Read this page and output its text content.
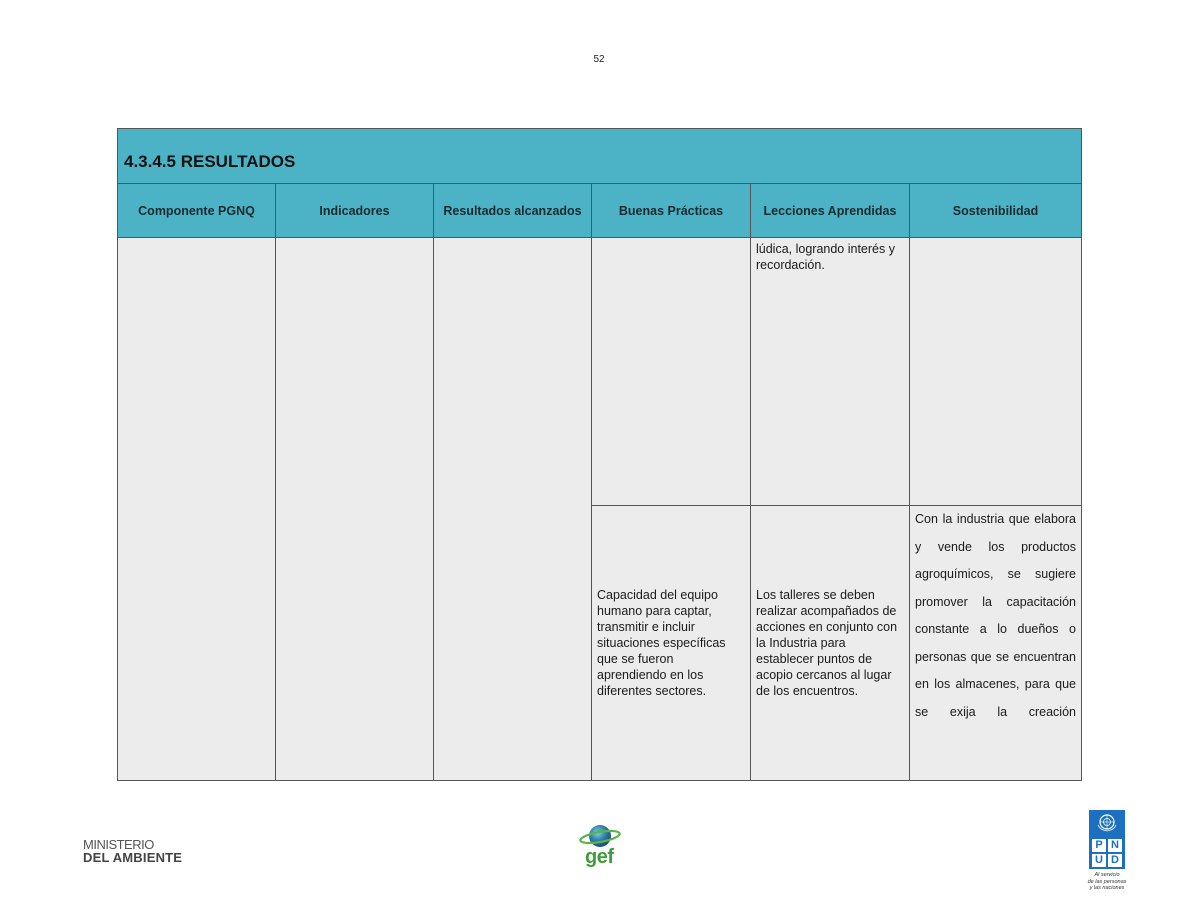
52
4.3.4.5 RESULTADOS					
Componente PGNQ	Indicadores	Resultados alcanzados	Buenas Prácticas	Lecciones Aprendidas	Sostenibilidad

				lúdica, logrando interés y recordación.	

			Capacidad del equipo humano para captar, transmitir e incluir situaciones específicas que se fueron aprendiendo en los diferentes sectores.	Los talleres se deben realizar acompañados de acciones en conjunto con la Industria para establecer puntos de acopio cercanos al lugar de los encuentros.	Con la industria que elabora y vende los productos agroquímicos, se sugiere promover la capacitación constante a lo dueños o personas que se encuentran en los almacenes, para que se exija la creación
MINISTERIO
DEL AMBIENTE	gef
P N
U D
Al servicio
de las personas
y las naciones
